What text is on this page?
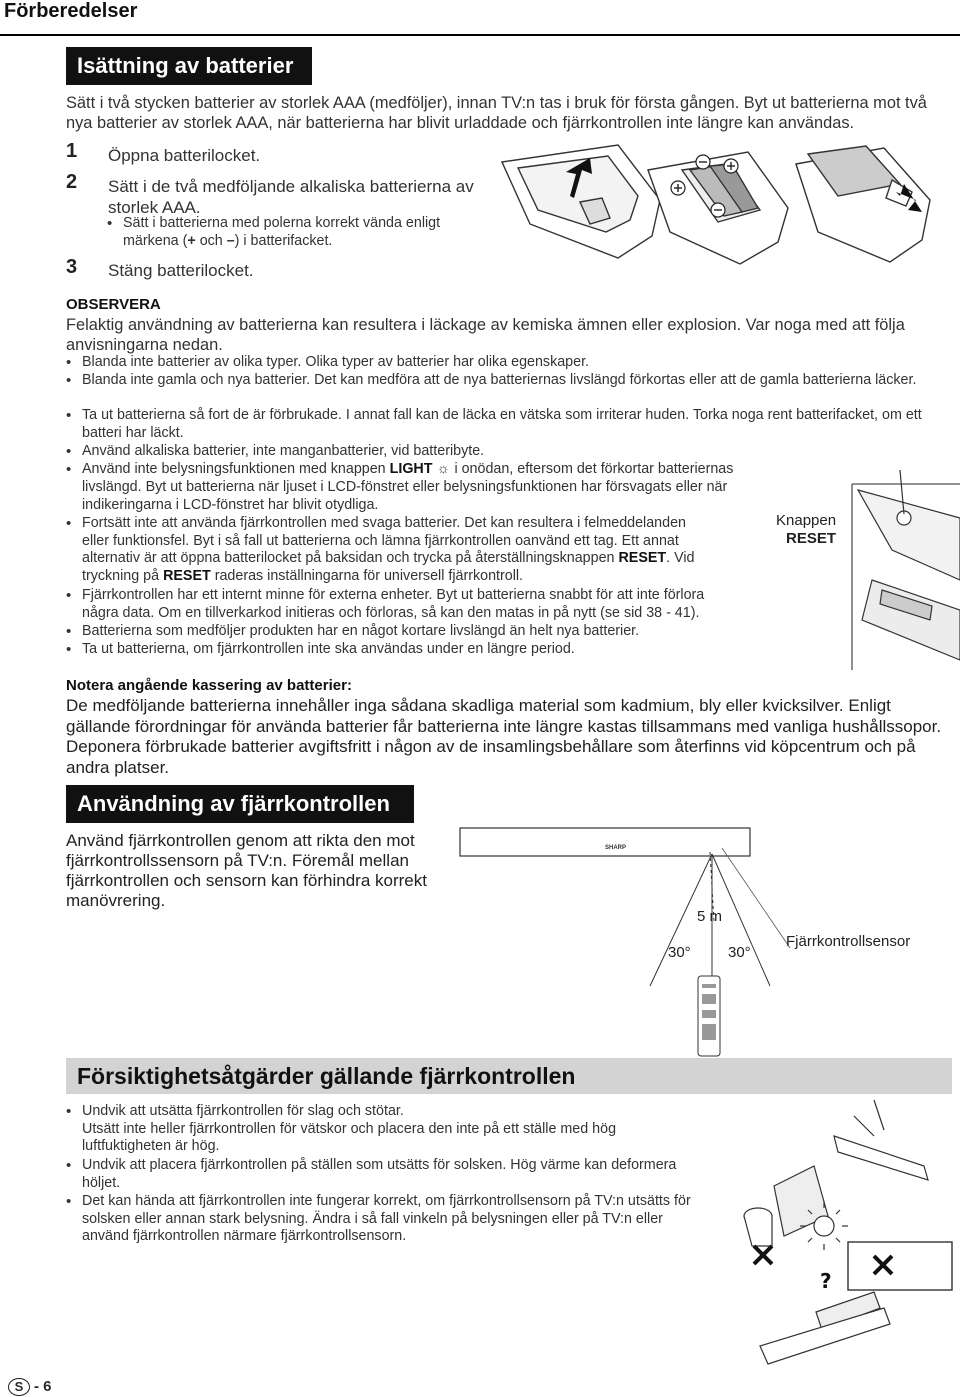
Förberedelser
Isättning av batterier
Sätt i två stycken batterier av storlek AAA (medföljer), innan TV:n tas i bruk för första gången. Byt ut batterierna mot två nya batterier av storlek AAA, när batterierna har blivit urladdade och fjärrkontrollen inte längre kan användas.
1 Öppna batterilocket.
2 Sätt i de två medföljande alkaliska batterierna av storlek AAA.
• Sätt i batterierna med polerna korrekt vända enligt
märkena (+ och –) i batterifacket.
3 Stäng batterilocket.
OBSERVERA
Felaktig användning av batterierna kan resultera i läckage av kemiska ämnen eller explosion. Var noga med att följa anvisningarna nedan.
• Blanda inte batterier av olika typer. Olika typer av batterier har olika egenskaper.
• Blanda inte gamla och nya batterier. Det kan medföra att de nya batteriernas livslängd förkortas eller att de gamla batterierna läcker.
• Ta ut batterierna så fort de är förbrukade. I annat fall kan de läcka en vätska som irriterar huden. Torka noga rent batterifacket, om ett batteri har läckt.
• Använd alkaliska batterier, inte manganbatterier, vid batteribyte.
• Använd inte belysningsfunktionen med knappen LIGHT ☼ i onödan, eftersom det förkortar batteriernas
livslängd. Byt ut batterierna när ljuset i LCD-fönstret eller belysningsfunktionen har försvagats eller när indikeringarna i LCD-fönstret har blivit otydliga.
• Fortsätt inte att använda fjärrkontrollen med svaga batterier. Det kan resultera i felmeddelanden
eller funktionsfel. Byt i så fall ut batterierna och lämna fjärrkontrollen oanvänd ett tag. Ett annat
alternativ är att öppna batterilocket på baksidan och trycka på återställningsknappen RESET. Vid
tryckning på RESET raderas inställningarna för universell fjärrkontroll.
• Fjärrkontrollen har ett internt minne för externa enheter. Byt ut batterierna snabbt för att inte förlora
några data. Om en tillverkarkod initieras och förloras, så kan den matas in på nytt (se sid 38 - 41).
• Batterierna som medföljer produkten har en något kortare livslängd än helt nya batterier.
• Ta ut batterierna, om fjärrkontrollen inte ska användas under en längre period.
Knappen
RESET
Notera angående kassering av batterier:
De medföljande batterierna innehåller inga sådana skadliga material som kadmium, bly eller kvicksilver. Enligt gällande förordningar för använda batterier får batterierna inte längre kastas tillsammans med vanliga hushållssopor. Deponera förbrukade batterier avgiftsfritt i någon av de insamlingsbehållare som återfinns vid köpcentrum och på andra platser.
Användning av fjärrkontrollen
Använd fjärrkontrollen genom att rikta den mot fjärrkontrollssensorn på TV:n. Föremål mellan fjärrkontrollen och sensorn kan förhindra korrekt manövrering.
SHARP
5 m
30° 30°
Fjärrkontrollsensor
Försiktighetsåtgärder gällande fjärrkontrollen
• Undvik att utsätta fjärrkontrollen för slag och stötar.
Utsätt inte heller fjärrkontrollen för vätskor och placera den inte på ett ställe med hög luftfuktigheten är hög.
• Undvik att placera fjärrkontrollen på ställen som utsätts för solsken. Hög värme kan deformera höljet.
• Det kan hända att fjärrkontrollen inte fungerar korrekt, om fjärrkontrollsensorn på TV:n utsätts för solsken eller annan stark belysning. Ändra i så fall vinkeln på belysningen eller på TV:n eller använd fjärrkontrollen närmare fjärrkontrollsensorn.
?
S - 6
